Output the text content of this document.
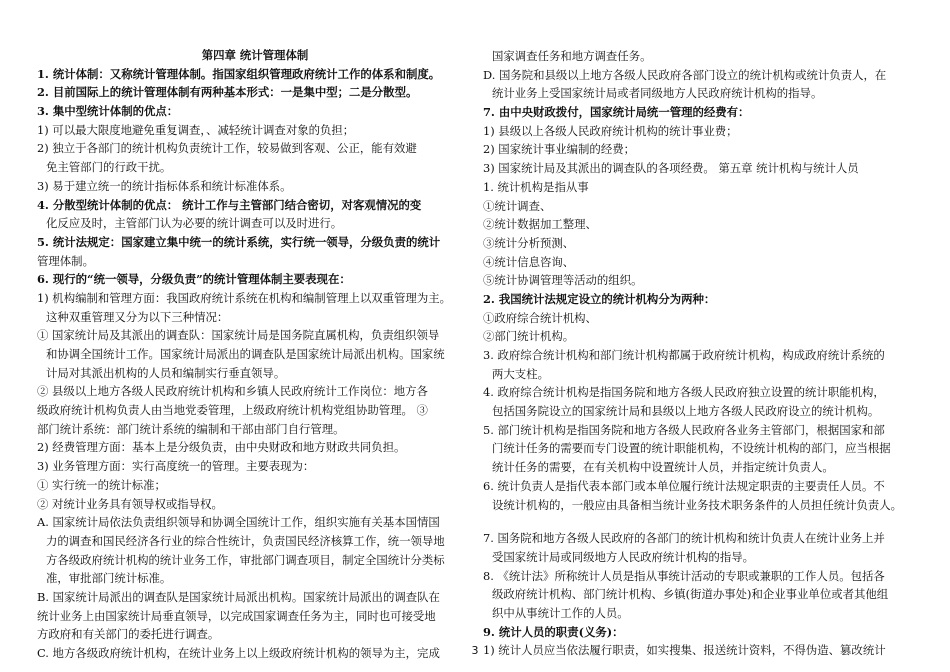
第四章 统计管理体制
1. 统计体制：又称统计管理体制。指国家组织管理政府统计工作的体系和制度。
2. 目前国际上的统计管理体制有两种基本形式：一是集中型；二是分散型。
3. 集中型统计体制的优点：
1) 可以最大限度地避免重复调查，、减轻统计调查对象的负担；
2) 独立于各部门的统计机构负责统计工作，较易做到客观、公正，能有效避
免主管部门的行政干扰。
3) 易于建立统一的统计指标体系和统计标准体系。
4. 分散型统计体制的优点： 统计工作与主管部门结合密切，对客观情况的变
化反应及时，主管部门认为必要的统计调查可以及时进行。
5. 统计法规定：国家建立集中统一的统计系统，实行统一领导，分级负责的统计
管理体制。
6. 现行的“统一领导，分级负责”的统计管理体制主要表现在：
1) 机构编制和管理方面：我国政府统计系统在机构和编制管理上以双重管理为主。
这种双重管理又分为以下三种情况：
① 国家统计局及其派出的调查队：国家统计局是国务院直属机构，负责组织领导
和协调全国统计工作。国家统计局派出的调查队是国家统计局派出机构。国家统
计局对其派出机构的人员和编制实行垂直领导。
② 县级以上地方各级人民政府统计机构和乡镇人民政府统计工作岗位：地方各
级政府统计机构负责人由当地党委管理，上级政府统计机构党组协助管理。 ③
部门统计系统：部门统计系统的编制和干部由部门自行管理。
2) 经费管理方面：基本上是分级负责，由中央财政和地方财政共同负担。
3) 业务管理方面：实行高度统一的管理。主要表现为：
① 实行统一的统计标准；
② 对统计业务具有领导权或指导权。
A. 国家统计局依法负责组织领导和协调全国统计工作，组织实施有关基本国情国
力的调查和国民经济各行业的综合性统计，负责国民经济核算工作，统一领导地
方各级政府统计机构的统计业务工作，审批部门调查项目，制定全国统计分类标
准，审批部门统计标准。
B. 国家统计局派出的调查队是国家统计局派出机构。国家统计局派出的调查队在
统计业务上由国家统计局垂直领导，以完成国家调查任务为主，同时也可接受地
方政府和有关部门的委托进行调查。
C. 地方各级政府统计机构，在统计业务上以上级政府统计机构的领导为主，完成
国家调查任务和地方调查任务。
D. 国务院和县级以上地方各级人民政府各部门设立的统计机构或统计负责人，在
统计业务上受国家统计局或者同级地方人民政府统计机构的指导。
7. 由中央财政拨付，国家统计局统一管理的经费有：
1) 县级以上各级人民政府统计机构的统计事业费；
2) 国家统计事业编制的经费；
3) 国家统计局及其派出的调查队的各项经费。 第五章 统计机构与统计人员
1. 统计机构是指从事
①统计调查、
②统计数据加工整理、
③统计分析预测、
④统计信息咨询、
⑤统计协调管理等活动的组织。
2. 我国统计法规定设立的统计机构分为两种：
①政府综合统计机构、
②部门统计机构。
3. 政府综合统计机构和部门统计机构都属于政府统计机构，构成政府统计系统的
两大支柱。
4. 政府综合统计机构是指国务院和地方各级人民政府独立设置的统计职能机构，
包括国务院设立的国家统计局和县级以上地方各级人民政府设立的统计机构。
5. 部门统计机构是指国务院和地方各级人民政府各业务主管部门，根据国家和部
门统计任务的需要而专门设置的统计职能机构，不设统计机构的部门，应当根据
统计任务的需要，在有关机构中设置统计人员，并指定统计负责人。
6. 统计负责人是指代表本部门或本单位履行统计法规定职责的主要责任人员。不
设统计机构的，一般应由具备相当统计业务技术职务条件的人员担任统计负责人。
7. 国务院和地方各级人民政府的各部门的统计机构和统计负责人在统计业务上并
受国家统计局或同级地方人民政府统计机构的指导。
8. 《统计法》所称统计人员是指从事统计活动的专职或兼职的工作人员。包括各
级政府统计机构、部门统计机构、乡镇(街道办事处)和企业事业单位或者其他组
织中从事统计工作的人员。
9. 统计人员的职责(义务)：
1) 统计人员应当依法履行职责，如实搜集、报送统计资料，不得伪造、篡改统计
3
